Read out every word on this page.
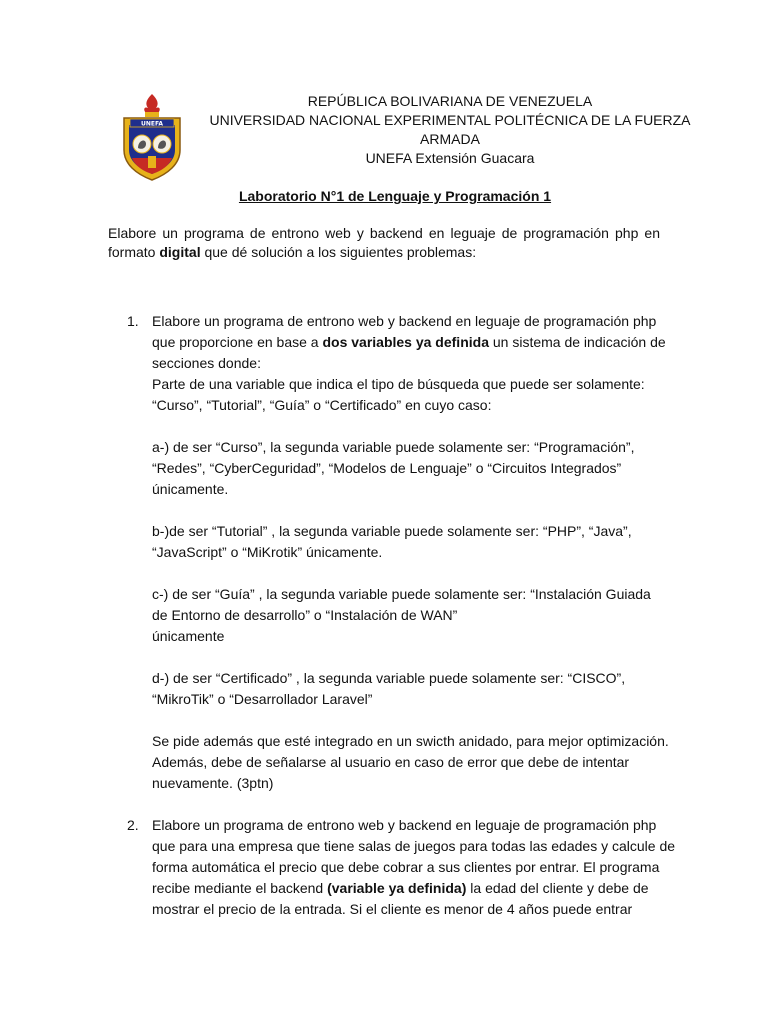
UNEFA
REPÚBLICA BOLIVARIANA DE VENEZUELA
UNIVERSIDAD NACIONAL EXPERIMENTAL POLITÉCNICA DE LA FUERZA
ARMADA
UNEFA Extensión Guacara
Laboratorio N°1 de Lenguaje y Programación 1
Elabore un programa de entrono web y backend en leguaje de programación php en
formato digital que dé solución a los siguientes problemas:
1. Elabore un programa de entrono web y backend en leguaje de programación php
que proporcione en base a dos variables ya definida un sistema de indicación de
secciones donde:
Parte de una variable que indica el tipo de búsqueda que puede ser solamente:
“Curso”, “Tutorial”, “Guía” o “Certificado” en cuyo caso:
a-) de ser “Curso”, la segunda variable puede solamente ser: “Programación”,
“Redes”, “CyberCeguridad”, “Modelos de Lenguaje” o “Circuitos Integrados”
únicamente.
b-)de ser “Tutorial” , la segunda variable puede solamente ser: “PHP”, “Java”,
“JavaScript” o “MiKrotik” únicamente.
c-) de ser “Guía” , la segunda variable puede solamente ser: “Instalación Guiada
de Entorno de desarrollo” o “Instalación de WAN”
únicamente
d-) de ser “Certificado” , la segunda variable puede solamente ser: “CISCO”,
“MikroTik” o “Desarrollador Laravel”
Se pide además que esté integrado en un swicth anidado, para mejor optimización.
Además, debe de señalarse al usuario en caso de error que debe de intentar
nuevamente. (3ptn)
2. Elabore un programa de entrono web y backend en leguaje de programación php
que para una empresa que tiene salas de juegos para todas las edades y calcule de
forma automática el precio que debe cobrar a sus clientes por entrar. El programa
recibe mediante el backend (variable ya definida) la edad del cliente y debe de
mostrar el precio de la entrada. Si el cliente es menor de 4 años puede entrar
